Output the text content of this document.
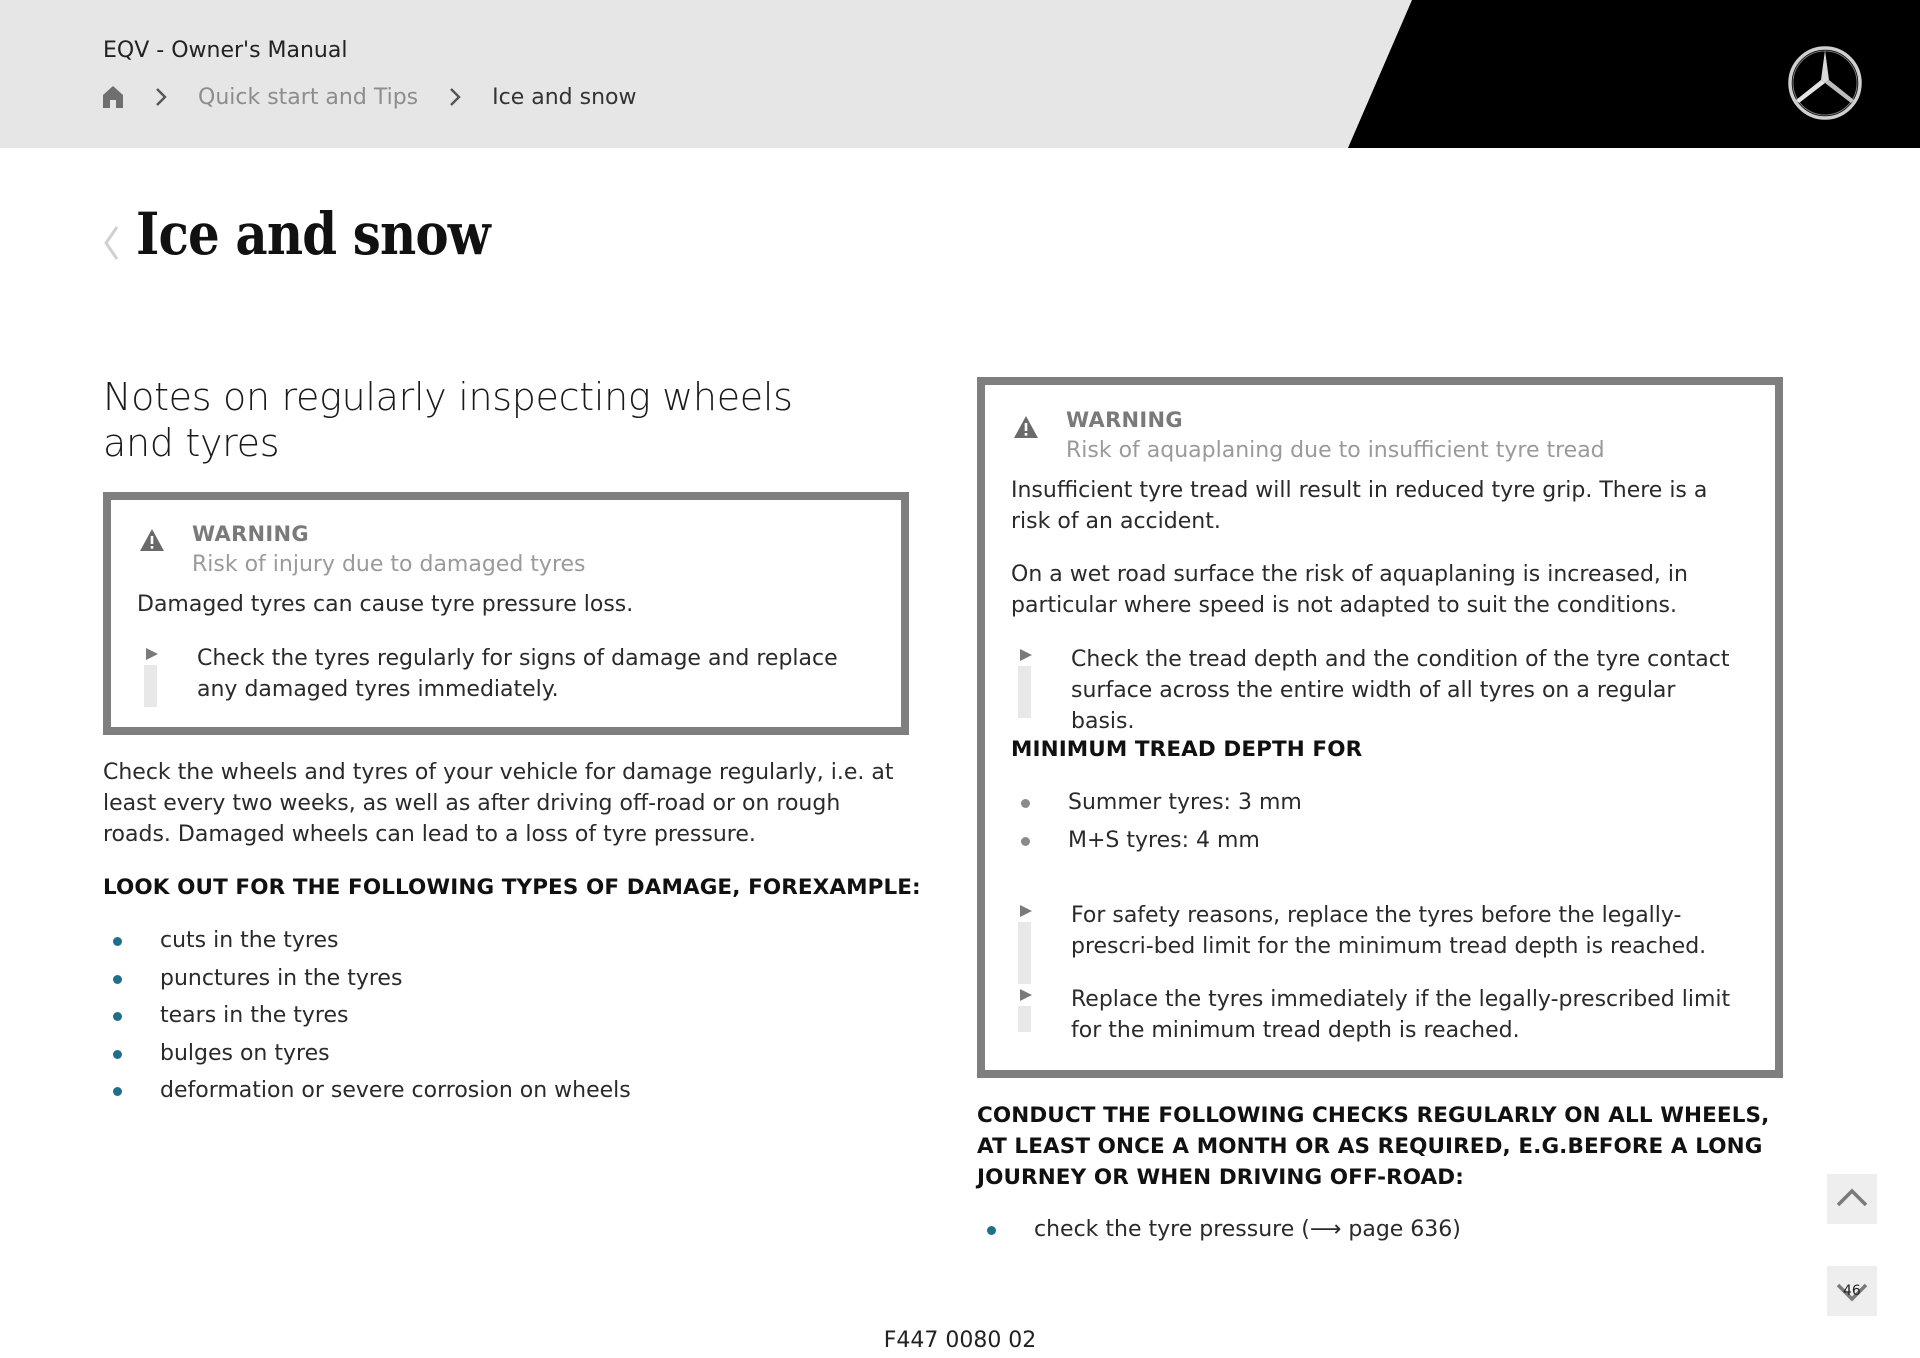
EQV - Owner's Manual
Quick start and Tips	Ice and snow
Ice and snow
Notes on regularly inspecting wheels and tyres
WARNING
Risk of injury due to damaged tyres
Damaged tyres can cause tyre pressure loss.
Check the tyres regularly for signs of damage and replace any damaged tyres immediately.
Check the wheels and tyres of your vehicle for damage regularly, i.e. at least every two weeks, as well as after driving off-road or on rough roads. Damaged wheels can lead to a loss of tyre pressure.
LOOK OUT FOR THE FOLLOWING TYPES OF DAMAGE, FOREXAMPLE:
cuts in the tyres
punctures in the tyres
tears in the tyres
bulges on tyres
deformation or severe corrosion on wheels
WARNING
Risk of aquaplaning due to insufficient tyre tread
Insufficient tyre tread will result in reduced tyre grip. There is a risk of an accident.
On a wet road surface the risk of aquaplaning is increased, in particular where speed is not adapted to suit the conditions.
Check the tread depth and the condition of the tyre contact surface across the entire width of all tyres on a regular basis.
MINIMUM TREAD DEPTH FOR
Summer tyres: 3 mm
M+S tyres: 4 mm
For safety reasons, replace the tyres before the legally-prescri-bed limit for the minimum tread depth is reached.
Replace the tyres immediately if the legally-prescribed limit for the minimum tread depth is reached.
CONDUCT THE FOLLOWING CHECKS REGULARLY ON ALL WHEELS, AT LEAST ONCE A MONTH OR AS REQUIRED, E.G.BEFORE A LONG JOURNEY OR WHEN DRIVING OFF-ROAD:
check the tyre pressure (⟶ page 636)
46
F447 0080 02
